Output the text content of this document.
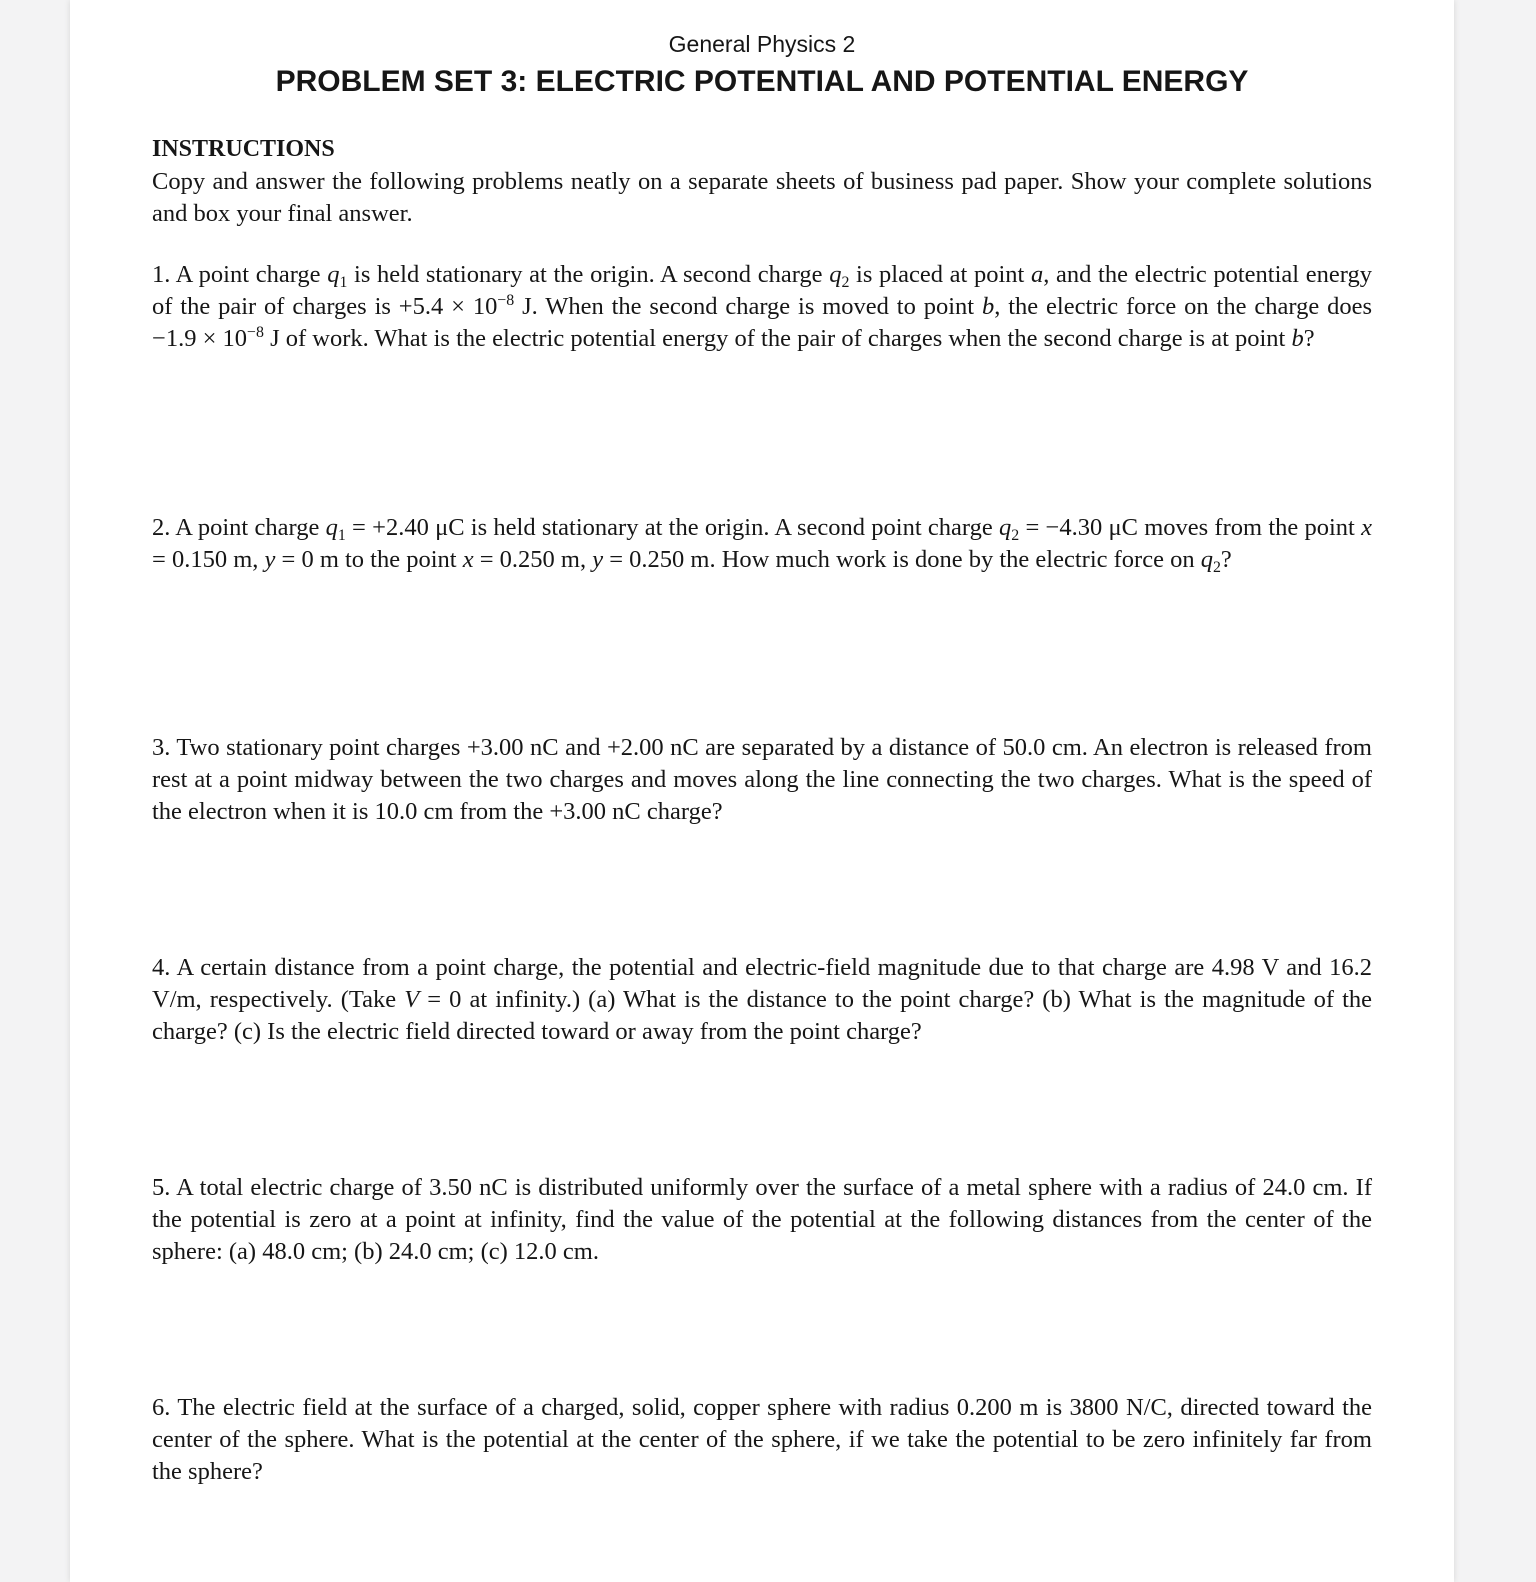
General Physics 2
PROBLEM SET 3: ELECTRIC POTENTIAL AND POTENTIAL ENERGY
INSTRUCTIONS
Copy and answer the following problems neatly on a separate sheets of business pad paper. Show your complete solutions and box your final answer.
1. A point charge $q_1$ is held stationary at the origin. A second charge $q_2$ is placed at point a, and the electric potential energy of the pair of charges is $+5.4 \times 10^{-8}$ J. When the second charge is moved to point b, the electric force on the charge does $-1.9 \times 10^{-8}$ J of work. What is the electric potential energy of the pair of charges when the second charge is at point b?
2. A point charge $q_1 = +2.40$ μC is held stationary at the origin. A second point charge $q_2 = -4.30$ μC moves from the point x = 0.150 m, y = 0 m to the point x = 0.250 m, y = 0.250 m. How much work is done by the electric force on $q_2$?
3. Two stationary point charges +3.00 nC and +2.00 nC are separated by a distance of 50.0 cm. An electron is released from rest at a point midway between the two charges and moves along the line connecting the two charges. What is the speed of the electron when it is 10.0 cm from the +3.00 nC charge?
4. A certain distance from a point charge, the potential and electric-field magnitude due to that charge are 4.98 V and 16.2 V/m, respectively. (Take V = 0 at infinity.) (a) What is the distance to the point charge? (b) What is the magnitude of the charge? (c) Is the electric field directed toward or away from the point charge?
5. A total electric charge of 3.50 nC is distributed uniformly over the surface of a metal sphere with a radius of 24.0 cm. If the potential is zero at a point at infinity, find the value of the potential at the following distances from the center of the sphere: (a) 48.0 cm; (b) 24.0 cm; (c) 12.0 cm.
6. The electric field at the surface of a charged, solid, copper sphere with radius 0.200 m is 3800 N/C, directed toward the center of the sphere. What is the potential at the center of the sphere, if we take the potential to be zero infinitely far from the sphere?
